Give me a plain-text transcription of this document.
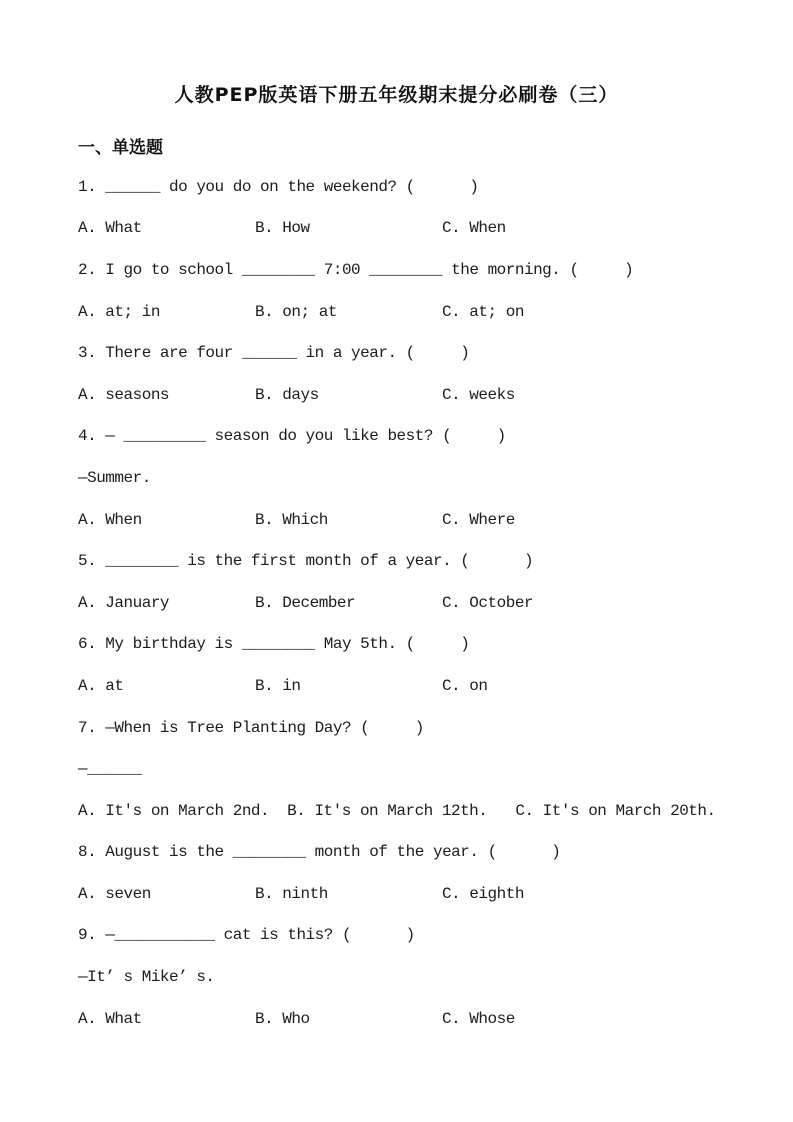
人教PEP版英语下册五年级期末提分必刷卷（三）
一、单选题
1. ______ do you do on the weekend? (      )
A. What	B. How	C. When
2. I go to school ________ 7:00 ________ the morning. (     )
A. at; in	B. on; at	C. at; on
3. There are four ______ in a year. (     )
A. seasons	B. days	C. weeks
4. — _________ season do you like best? (     )
—Summer.
A. When	B. Which	C. Where
5. ________ is the first month of a year. (      )
A. January	B. December	C. October
6. My birthday is ________ May 5th. (     )
A. at	B. in	C. on
7. —When is Tree Planting Day? (     )
—______
A. It's on March 2nd. B. It's on March 12th. C. It's on March 20th.
8. August is the ________ month of the year. (      )
A. seven	B. ninth	C. eighth
9. —___________ cat is this? (      )
—It’ s Mike’ s.
A. What	B. Who	C. Whose
